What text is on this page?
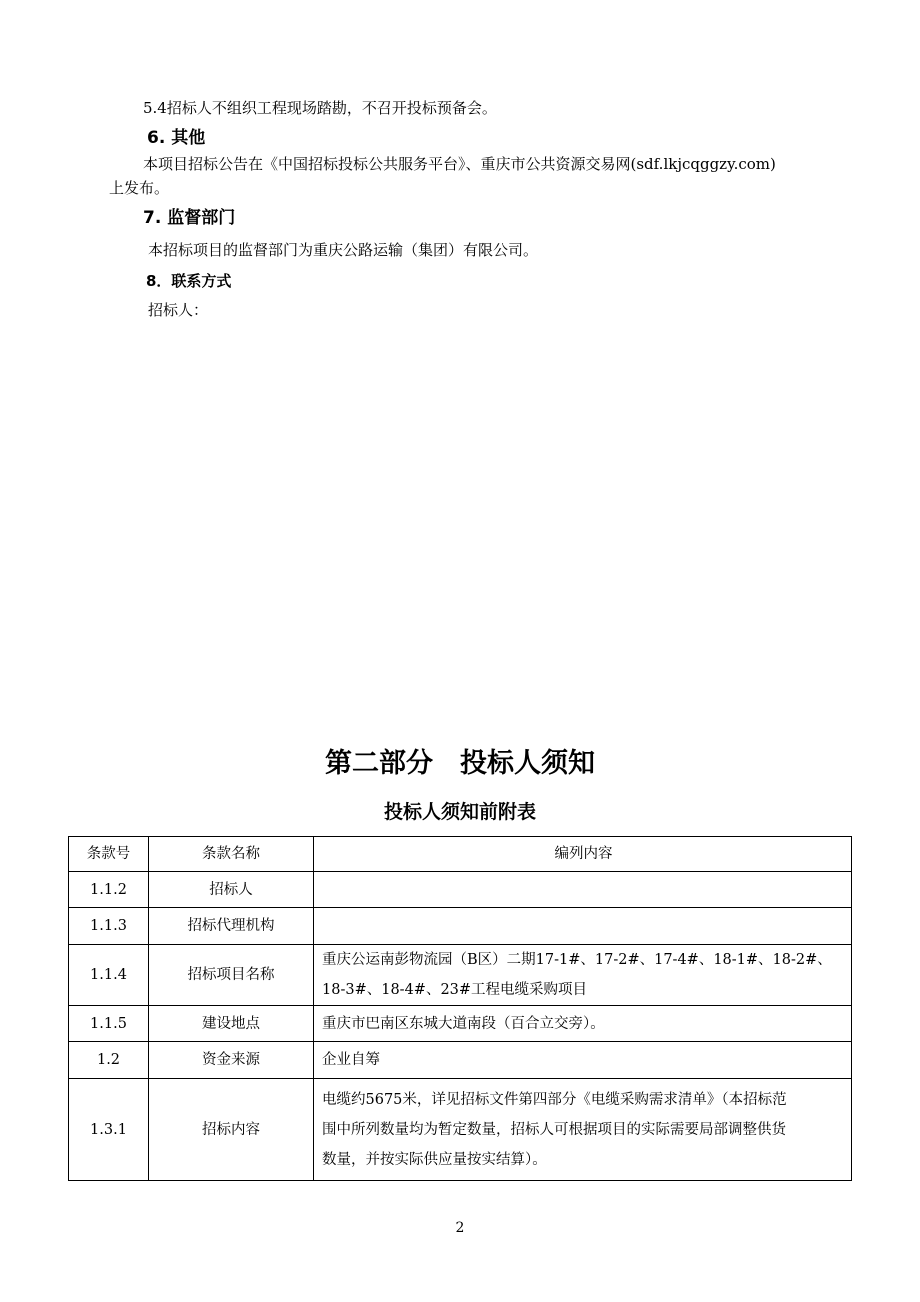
5.4招标人不组织工程现场踏勘，不召开投标预备会。
6. 其他
本项目招标公告在《中国招标投标公共服务平台》、重庆市公共资源交易网(sdf.lkjcqggzy.com)
上发布。
7. 监督部门
本招标项目的监督部门为重庆公路运输（集团）有限公司。
8．联系方式
招标人：
第二部分　投标人须知
投标人须知前附表
条款号	条款名称	编列内容
1.1.2	招标人	

1.1.3	招标代理机构	

1.1.4	招标项目名称	重庆公运南彭物流园（B区）二期17-1#、17-2#、17-4#、18-1#、18-2#、
18-3#、18-4#、23#工程电缆采购项目

1.1.5	建设地点	重庆市巴南区东城大道南段（百合立交旁）。

1.2	资金来源	企业自筹

1.3.1	招标内容	电缆约5675米，详见招标文件第四部分《电缆采购需求清单》（本招标范
围中所列数量均为暂定数量，招标人可根据项目的实际需要局部调整供货
数量，并按实际供应量按实结算）。
2
